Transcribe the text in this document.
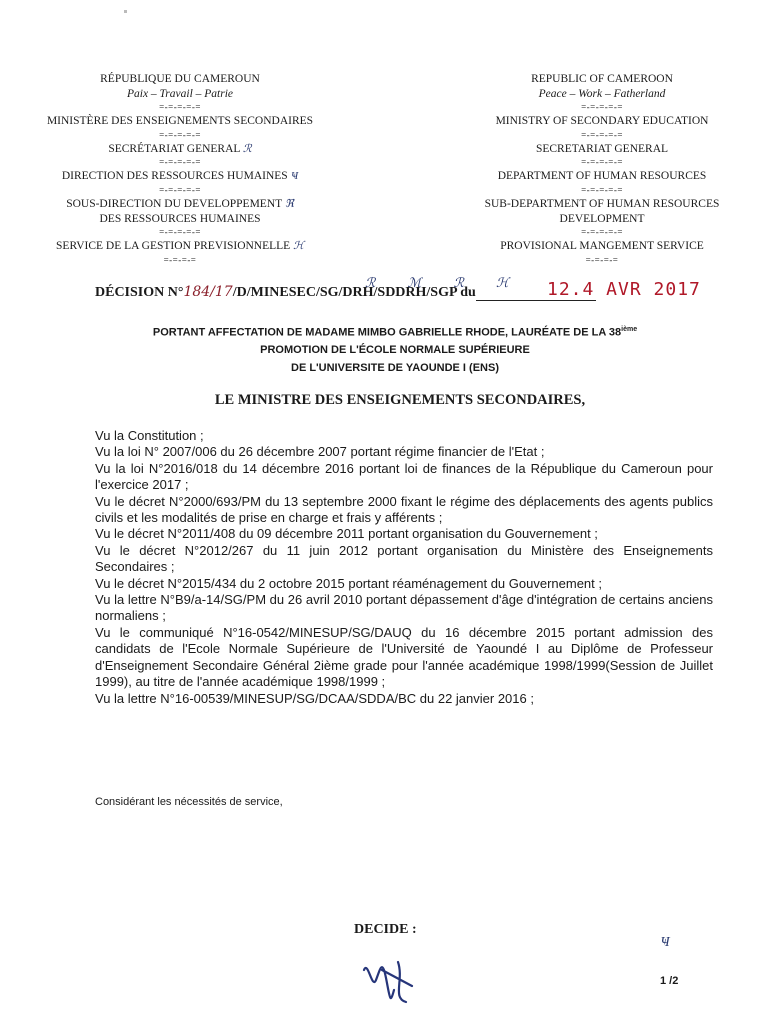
RÉPUBLIQUE DU CAMEROUN
Paix – Travail – Patrie
=-=-=-=-=
MINISTÈRE DES ENSEIGNEMENTS SECONDAIRES
=-=-=-=-=
SECRÉTARIAT GENERAL ℛ
=-=-=-=-=
DIRECTION DES RESSOURCES HUMAINES Ҹ
=-=-=-=-=
SOUS-DIRECTION DU DEVELOPPEMENT ℜ
DES RESSOURCES HUMAINES
=-=-=-=-=
SERVICE DE LA GESTION PREVISIONNELLE ℋ
=-=-=-=
REPUBLIC OF CAMEROON
Peace – Work – Fatherland
=-=-=-=-=
MINISTRY OF SECONDARY EDUCATION
=-=-=-=-=
SECRETARIAT GENERAL
=-=-=-=-=
DEPARTMENT OF HUMAN RESOURCES
=-=-=-=-=
SUB-DEPARTMENT OF HUMAN RESOURCES
DEVELOPMENT
=-=-=-=-=
PROVISIONAL MANGEMENT SERVICE
=-=-=-=
DÉCISION N°184/17/D/MINESEC/SG/DRH/SDDRH/SGP du	12.4 AVR 2017
ℛ ℳ ℛ ℋ
PORTANT AFFECTATION DE MADAME MIMBO GABRIELLE RHODE, LAURÉATE DE LA 38ième
PROMOTION DE L'ÉCOLE NORMALE SUPÉRIEURE
DE L'UNIVERSITE DE YAOUNDE I (ENS)
LE MINISTRE DES ENSEIGNEMENTS SECONDAIRES,
Vu la Constitution ;
Vu la loi N° 2007/006 du 26 décembre 2007 portant régime financier de l'Etat ;
Vu la loi N°2016/018 du 14 décembre 2016 portant loi de finances de la République du Cameroun pour l'exercice 2017 ;
Vu le décret N°2000/693/PM du 13 septembre 2000 fixant le régime des déplacements des agents publics civils et les modalités de prise en charge et frais y afférents ;
Vu le décret N°2011/408 du 09 décembre 2011 portant organisation du Gouvernement ;
Vu le décret N°2012/267 du 11 juin 2012 portant organisation du Ministère des Enseignements Secondaires ;
Vu le décret N°2015/434 du 2 octobre 2015 portant réaménagement du Gouvernement ;
Vu la lettre N°B9/a-14/SG/PM du 26 avril 2010 portant dépassement d'âge d'intégration de certains anciens normaliens ;
Vu le communiqué N°16-0542/MINESUP/SG/DAUQ du 16 décembre 2015 portant admission des candidats de l'Ecole Normale Supérieure de l'Université de Yaoundé I au Diplôme de Professeur d'Enseignement Secondaire Général 2ième grade pour l'année académique 1998/1999(Session de Juillet 1999), au titre de l'année académique 1998/1999 ;
Vu la lettre N°16-00539/MINESUP/SG/DCAA/SDDA/BC du 22 janvier 2016 ;
Considérant les nécessités de service,
DECIDE :
Ҹ
1 /2
